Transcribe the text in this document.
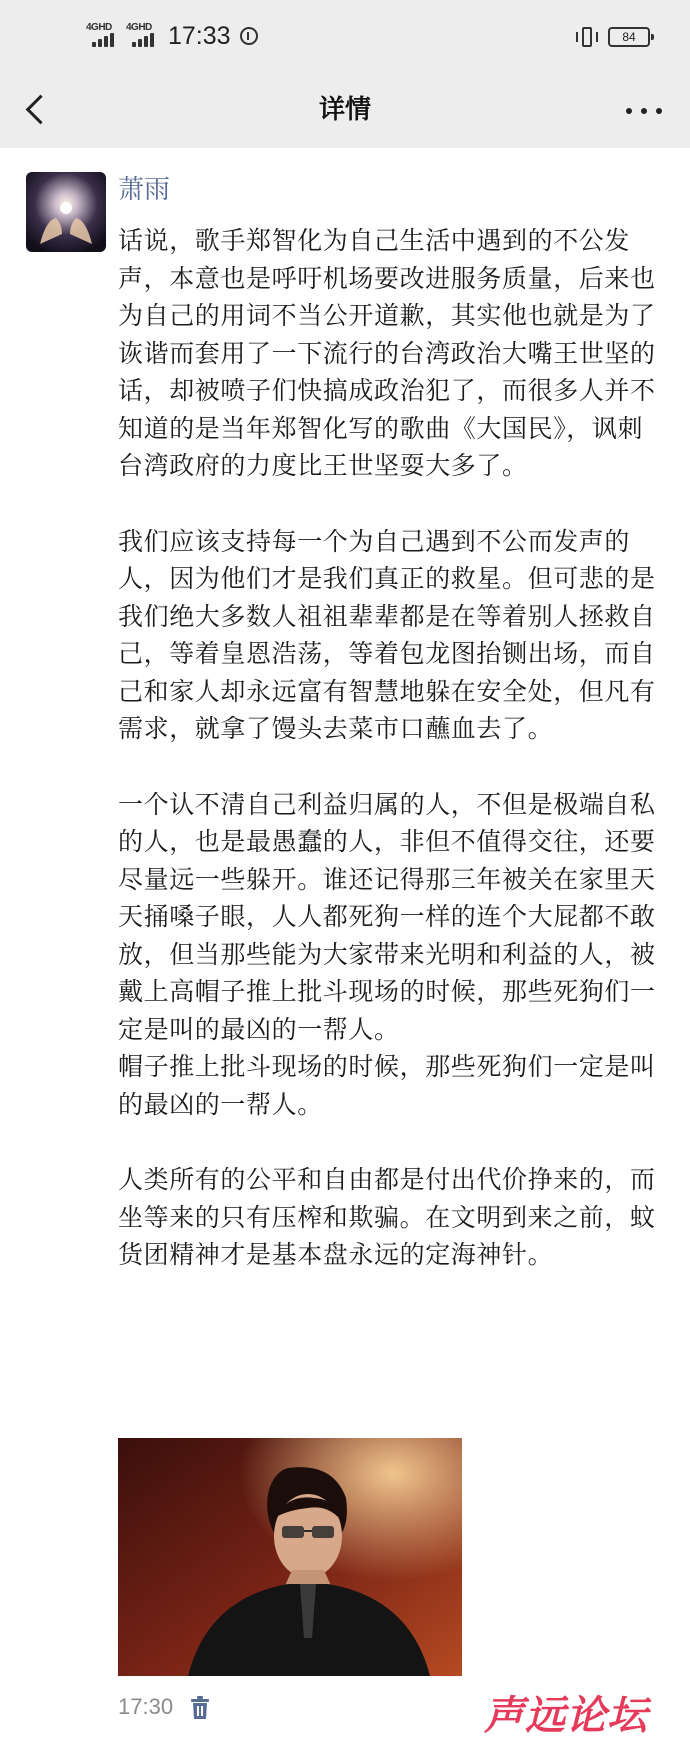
4GHD 4GHD 17:33	84
详情
萧雨

话说，歌手郑智化为自己生活中遇到的不公发声，本意也是呼吁机场要改进服务质量，后来也为自己的用词不当公开道歉，其实他也就是为了诙谐而套用了一下流行的台湾政治大嘴王世坚的话，却被喷子们快搞成政治犯了，而很多人并不知道的是当年郑智化写的歌曲《大国民》，讽刺台湾政府的力度比王世坚耍大多了。

我们应该支持每一个为自己遇到不公而发声的人，因为他们才是我们真正的救星。但可悲的是我们绝大多数人祖祖辈辈都是在等着别人拯救自己，等着皇恩浩荡，等着包龙图抬铡出场，而自己和家人却永远富有智慧地躲在安全处，但凡有需求，就拿了馒头去菜市口蘸血去了。

一个认不清自己利益归属的人，不但是极端自私的人，也是最愚蠢的人，非但不值得交往，还要尽量远一些躲开。谁还记得那三年被关在家里天天捅嗓子眼，人人都死狗一样的连个大屁都不敢放，但当那些能为大家带来光明和利益的人，被戴上高帽子推上批斗现场的时候，那些死狗们一定是叫的最凶的一帮人。

帽子推上批斗现场的时候，那些死狗们一定是叫的最凶的一帮人。

人类所有的公平和自由都是付出代价挣来的，而坐等来的只有压榨和欺骗。在文明到来之前，蚊货团精神才是基本盘永远的定海神针。

17:30	声远论坛
